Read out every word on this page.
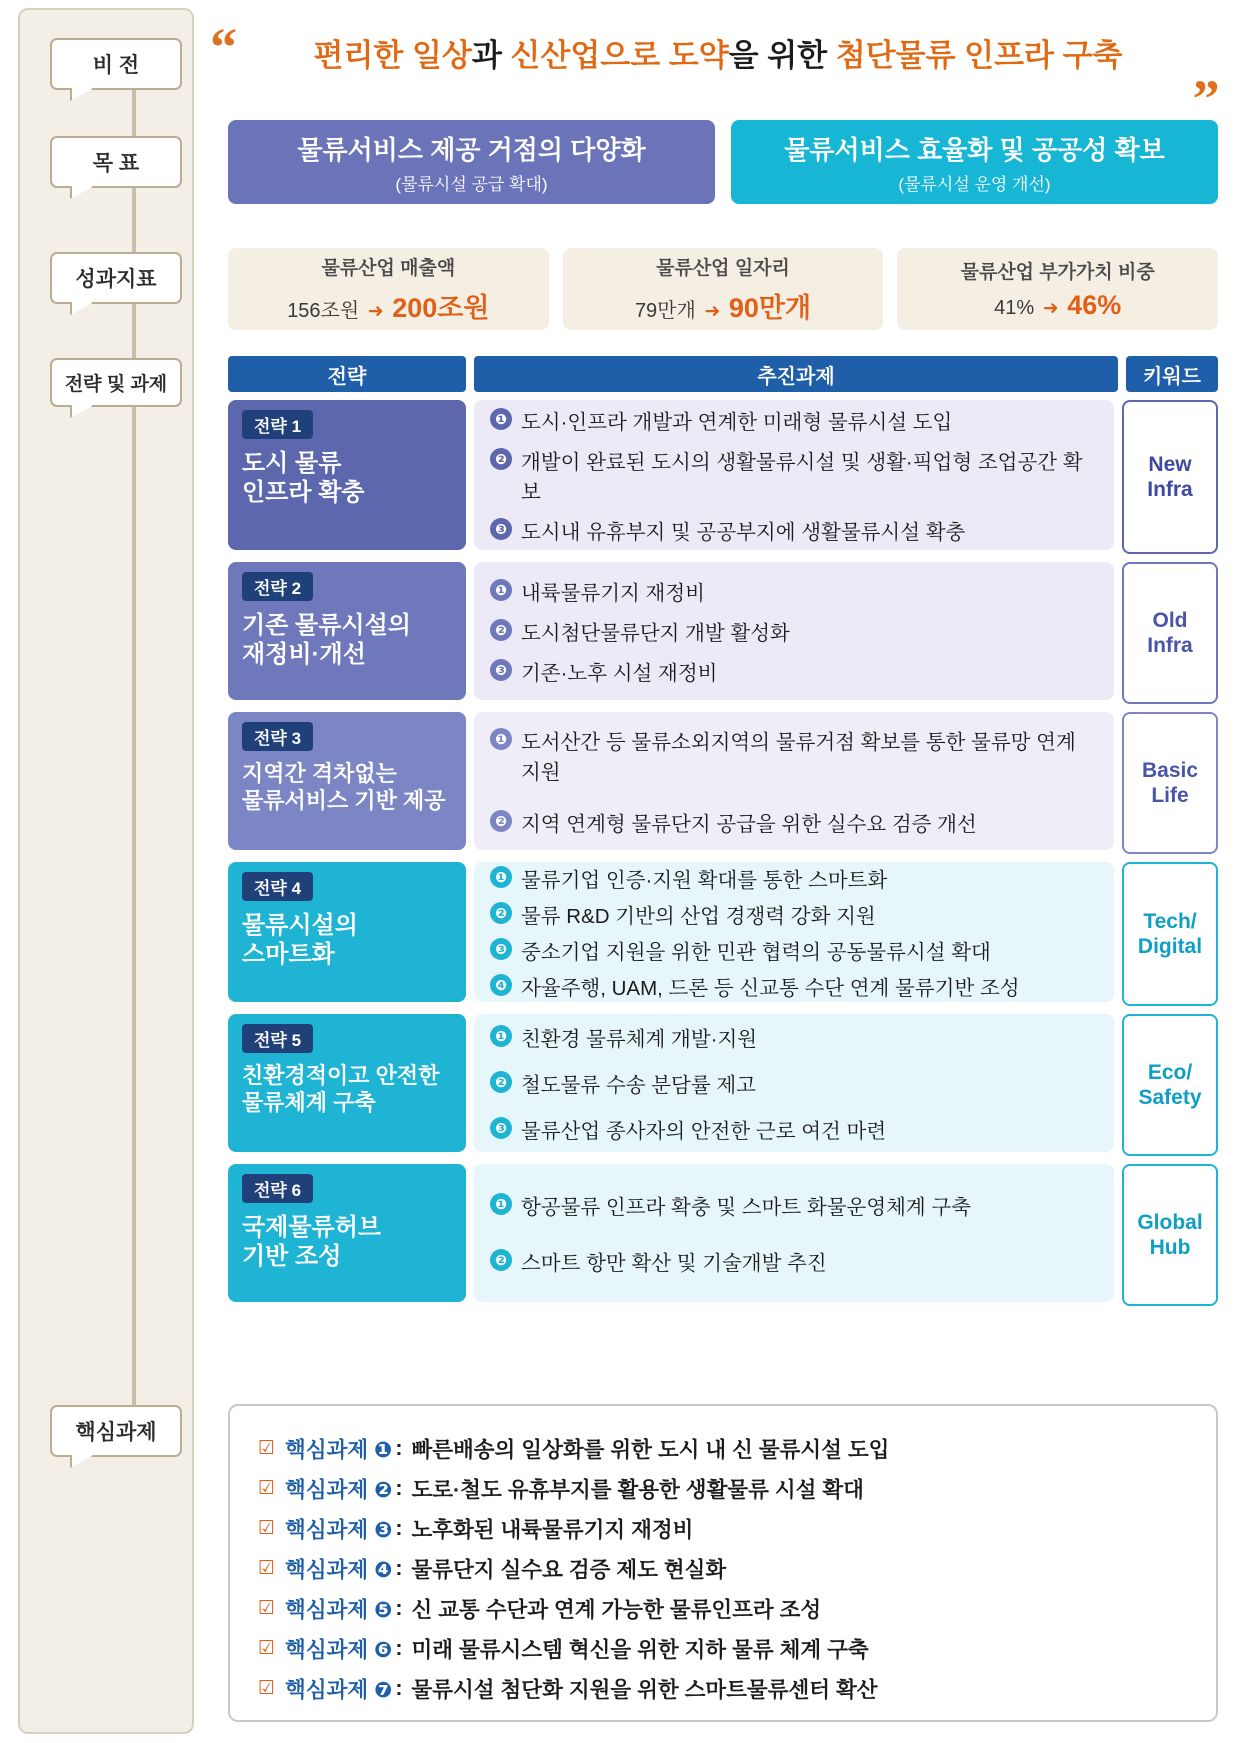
비 전
목 표
성과지표
전략 및 과제
핵심과제
“	„
편리한 일상과 신산업으로 도약을 위한 첨단물류 인프라 구축
물류서비스 제공 거점의 다양화
(물류시설 공급 확대)
물류서비스 효율화 및 공공성 확보
(물류시설 운영 개선)
물류산업 매출액
156조원 ➜ 200조원
물류산업 일자리
79만개 ➜ 90만개
물류산업 부가가치 비중
41% ➜ 46%
전략	추진과제	키워드
전략 1
도시 물류
인프라 확충
❶ 도시·인프라 개발과 연계한 미래형 물류시설 도입
❷ 개발이 완료된 도시의 생활물류시설 및 생활·픽업형 조업공간 확보
❸ 도시내 유휴부지 및 공공부지에 생활물류시설 확충
New
Infra
전략 2
기존 물류시설의
재정비·개선
❶ 내륙물류기지 재정비
❷ 도시첨단물류단지 개발 활성화
❸ 기존·노후 시설 재정비
Old
Infra
전략 3
지역간 격차없는
물류서비스 기반 제공
❶ 도서산간 등 물류소외지역의 물류거점 확보를 통한 물류망 연계 지원
❷ 지역 연계형 물류단지 공급을 위한 실수요 검증 개선
Basic
Life
전략 4
물류시설의
스마트화
❶ 물류기업 인증·지원 확대를 통한 스마트화
❷ 물류 R&D 기반의 산업 경쟁력 강화 지원
❸ 중소기업 지원을 위한 민관 협력의 공동물류시설 확대
❹ 자율주행, UAM, 드론 등 신교통 수단 연계 물류기반 조성
Tech/
Digital
전략 5
친환경적이고 안전한
물류체계 구축
❶ 친환경 물류체계 개발·지원
❷ 철도물류 수송 분담률 제고
❸ 물류산업 종사자의 안전한 근로 여건 마련
Eco/
Safety
전략 6
국제물류허브
기반 조성
❶ 항공물류 인프라 확충 및 스마트 화물운영체계 구축
❷ 스마트 항만 확산 및 기술개발 추진
Global
Hub
☑ 핵심과제 ❶ : 빠른배송의 일상화를 위한 도시 내 신 물류시설 도입
☑ 핵심과제 ❷ : 도로·철도 유휴부지를 활용한 생활물류 시설 확대
☑ 핵심과제 ❸ : 노후화된 내륙물류기지 재정비
☑ 핵심과제 ❹ : 물류단지 실수요 검증 제도 현실화
☑ 핵심과제 ❺ : 신 교통 수단과 연계 가능한 물류인프라 조성
☑ 핵심과제 ❻ : 미래 물류시스템 혁신을 위한 지하 물류 체계 구축
☑ 핵심과제 ❼ : 물류시설 첨단화 지원을 위한 스마트물류센터 확산
